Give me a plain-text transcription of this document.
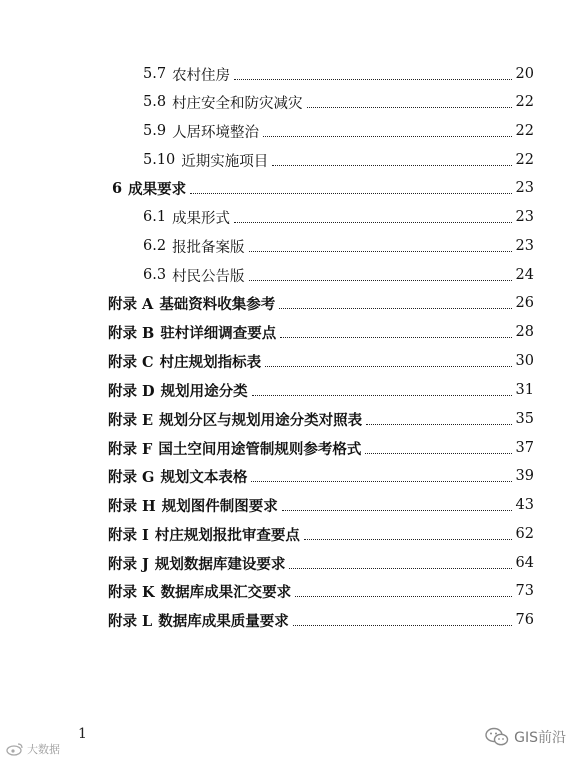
5.7 农村住房	20
5.8 村庄安全和防灾减灾	22
5.9 人居环境整治	22
5.10 近期实施项目	22
6 成果要求	23
6.1 成果形式	23
6.2 报批备案版	23
6.3 村民公告版	24
附录 A 基础资料收集参考	26
附录 B 驻村详细调查要点	28
附录 C 村庄规划指标表	30
附录 D 规划用途分类	31
附录 E 规划分区与规划用途分类对照表	35
附录 F 国土空间用途管制规则参考格式	37
附录 G 规划文本表格	39
附录 H 规划图件制图要求	43
附录 I 村庄规划报批审查要点	62
附录 J 规划数据库建设要求	64
附录 K 数据库成果汇交要求	73
附录 L 数据库成果质量要求	76
1
大数据
GIS前沿
